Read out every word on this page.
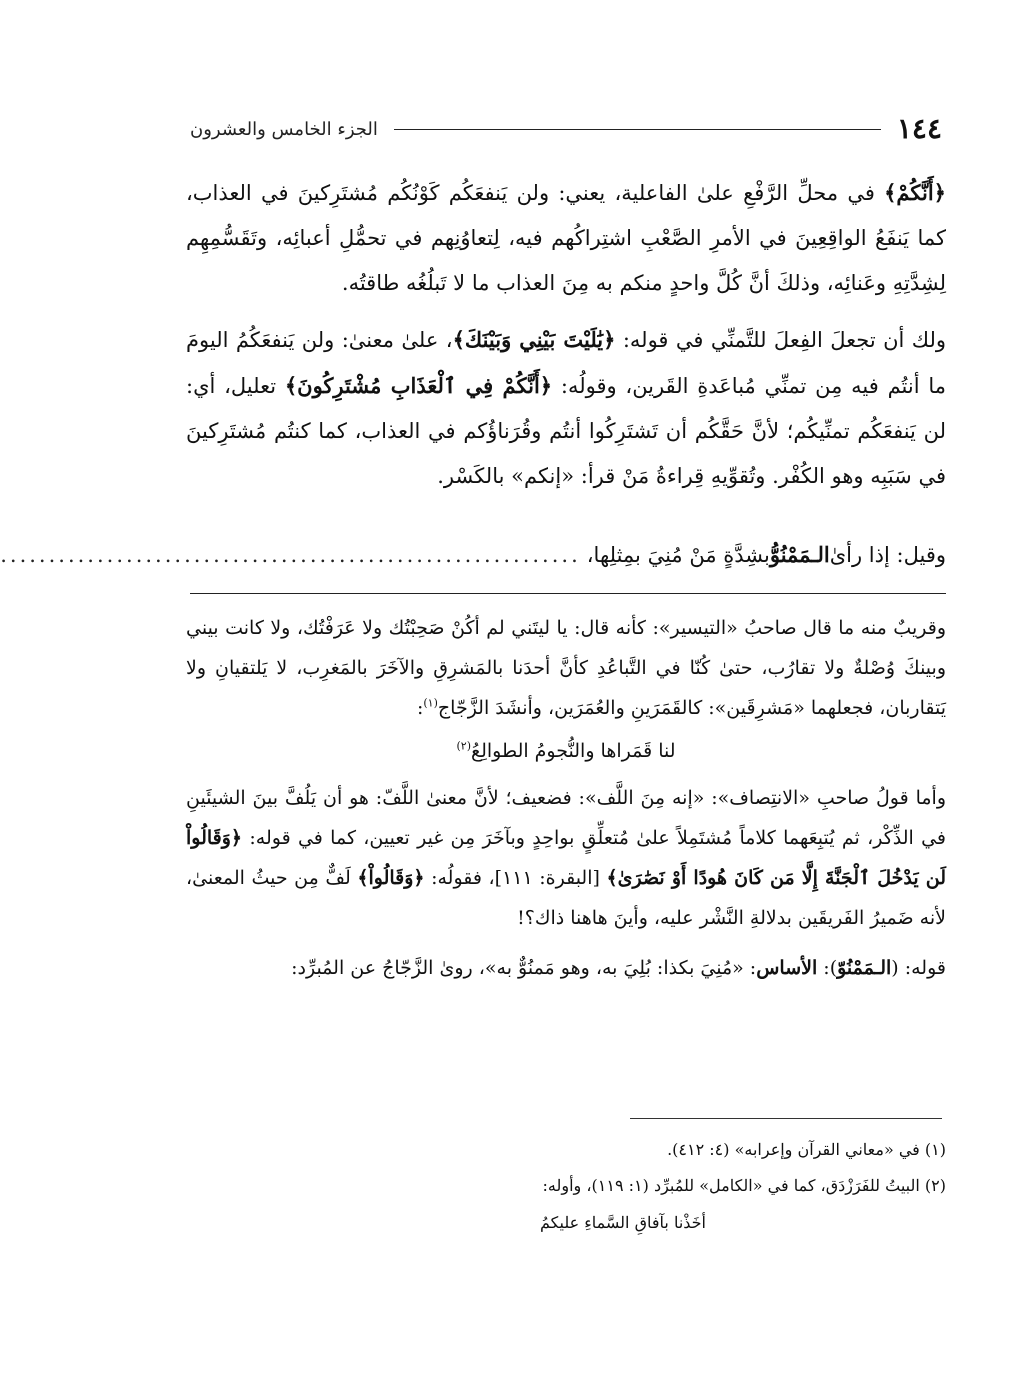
١٤٤
الجزء الخامس والعشرون

﴿أَنَّكُمْ﴾ في محلِّ الرَّفْعِ علىٰ الفاعلية، يعني: ولن يَنفعَكُم كَوْنُكُم مُشتَرِكينَ في العذاب، كما يَنفَعُ الواقِعِينَ في الأمرِ الصَّعْبِ اشتِراكُهم فيه، لِتعاوُنِهم في تحمُّلِ أعبائِه، وتَقَسُّمِهِم لِشِدَّتِهِ وعَنائِه، وذلكَ أنَّ كُلَّ واحدٍ منكم به مِنَ العذاب ما لا تَبلُغُه طاقتُه.

ولك أن تجعلَ الفِعلَ للتَّمنِّي في قوله: ﴿يَٰلَيْتَ بَيْنِي وَبَيْنَكَ﴾، علىٰ معنىٰ: ولن يَنفعَكُمُ اليومَ ما أنتُم فيه مِن تمنِّي مُباعَدةِ القَرين، وقولُه: ﴿أَنَّكُمْ فِي ٱلْعَذَابِ مُشْتَرِكُونَ﴾ تعليل، أي: لن يَنفعَكُم تمنِّيكُم؛ لأنَّ حَقَّكُم أن تَشتَرِكُوا أنتُم وقُرَناؤُكم في العذاب، كما كنتُم مُشتَرِكينَ في سَبَبِه وهو الكُفْر. وتُقوِّيهِ قِراءةُ مَنْ قرأ: «إنكم» بالكَسْر.

وقيل: إذا رأىٰ
الـمَمْنُوُّ
بشِدَّةٍ مَنْ مُنِيَ بمِثلِها،
............................................................

وقريبٌ منه ما قال صاحبُ «التيسير»: كأنه قال: يا ليتَني لم أكُنْ صَحِبْتُك ولا عَرَفْتُك، ولا كانت بيني وبينكَ وُصْلةٌ ولا تقارُب، حتىٰ كُنّا في التَّباعُدِ كأنَّ أحدَنا بالمَشرِقِ والآخَرَ بالمَغرِب، لا يَلتقيانِ ولا يَتقاربان، فجعلهما «مَشرِقَين»: كالقَمَرَينِ والعُمَرَين، وأنشَدَ الزَّجّاج$^{(١)}$:

لنا قَمَراها والنُّجومُ الطوالِعُ$^{(٢)}$

وأما قولُ صاحبِ «الانتِصاف»: «إنه مِنَ اللَّف»: فضعيف؛ لأنَّ معنىٰ اللَّفّ: هو أن يَلُفَّ بينَ الشيئَينِ في الذِّكْر، ثم يُتبِعَهما كلاماً مُشتَمِلاً علىٰ مُتعلِّقٍ بواحِدٍ وبآخَرَ مِن غير تعيين، كما في قوله: ﴿وَقَالُواْ لَن يَدْخُلَ ٱلْجَنَّةَ إِلَّا مَن كَانَ هُودًا أَوْ نَصَٰرَىٰ﴾ [البقرة: ١١١]، فقولُه: ﴿وَقَالُواْ﴾ لَفٌّ مِن حيثُ المعنىٰ، لأنه ضَميرُ الفَريقَين بدلالةِ النَّشْر عليه، وأينَ هاهنا ذاك؟!

قوله: (الـمَمْنُوّ): الأساس: «مُنِيَ بكذا: بُلِيَ به، وهو مَمنُوٌّ به»، روىٰ الزَّجّاجُ عن المُبرِّد:

(١) في «معاني القرآن وإعرابه» (٤: ٤١٢).

(٢) البيتُ للفَرَزْدَق، كما في «الكامل» للمُبرِّد (١: ١١٩)، وأوله:

أخَذْنا بآفاقِ السَّماءِ عليكمُ
